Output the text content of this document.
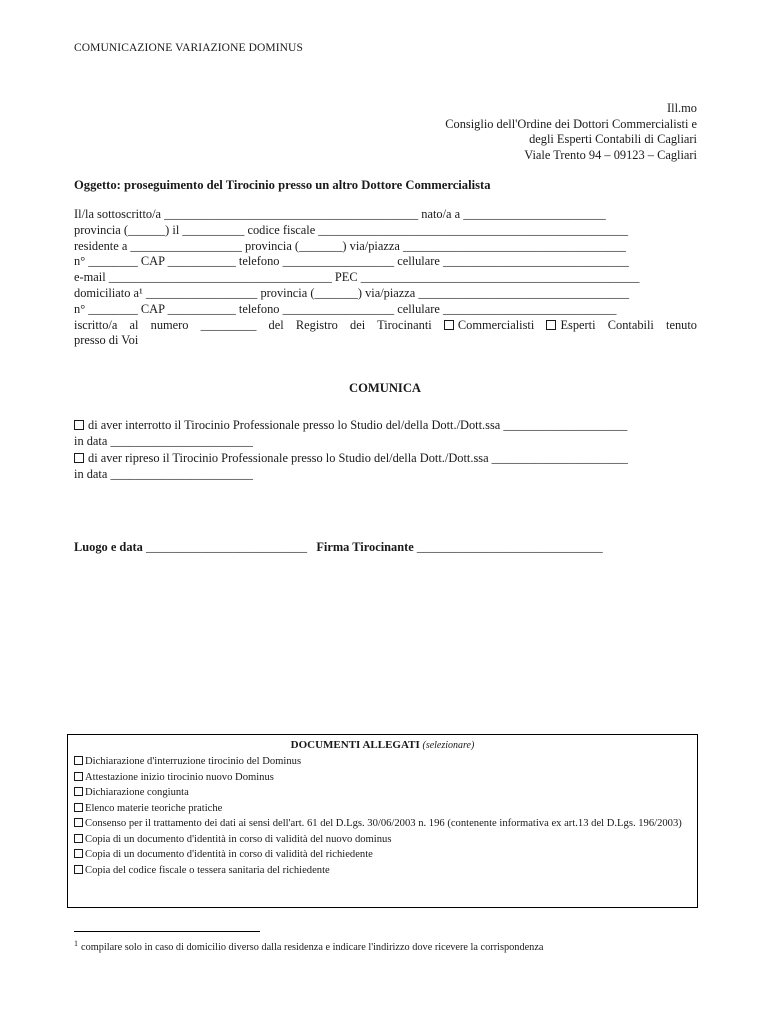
COMUNICAZIONE VARIAZIONE DOMINUS
Ill.mo
Consiglio dell'Ordine dei Dottori Commercialisti e
degli Esperti Contabili di Cagliari
Viale Trento 94 – 09123 – Cagliari
Oggetto: proseguimento del Tirocinio presso un altro Dottore Commercialista
Il/la sottoscritto/a _________________________________________ nato/a a _______________________
provincia (______) il __________ codice fiscale __________________________________________________
residente a __________________ provincia (_______) via/piazza ____________________________________
n° ________ CAP ___________ telefono __________________ cellulare ______________________________
e-mail ____________________________________ PEC _____________________________________________
domiciliato a¹ __________________ provincia (_______) via/piazza __________________________________
n° ________ CAP ___________ telefono __________________ cellulare ____________________________
iscritto/a al numero _________ del Registro dei Tirocinanti Commercialisti Esperti Contabili tenuto
presso di Voi
COMUNICA
di aver interrotto il Tirocinio Professionale presso lo Studio del/della Dott./Dott.ssa ____________________
in data _______________________
di aver ripreso il Tirocinio Professionale presso lo Studio del/della Dott./Dott.ssa ______________________
in data _______________________
Luogo e data __________________________ Firma Tirocinante ______________________________
DOCUMENTI ALLEGATI (selezionare)
Dichiarazione d'interruzione tirocinio del Dominus
Attestazione inizio tirocinio nuovo Dominus
Dichiarazione congiunta
Elenco materie teoriche pratiche
Consenso per il trattamento dei dati ai sensi dell'art. 61 del D.Lgs. 30/06/2003 n. 196 (contenente informativa ex art.13 del D.Lgs. 196/2003)
Copia di un documento d'identità in corso di validità del nuovo dominus
Copia di un documento d'identità in corso di validità del richiedente
Copia del codice fiscale o tessera sanitaria del richiedente
$^1$ compilare solo in caso di domicilio diverso dalla residenza e indicare l'indirizzo dove ricevere la corrispondenza
